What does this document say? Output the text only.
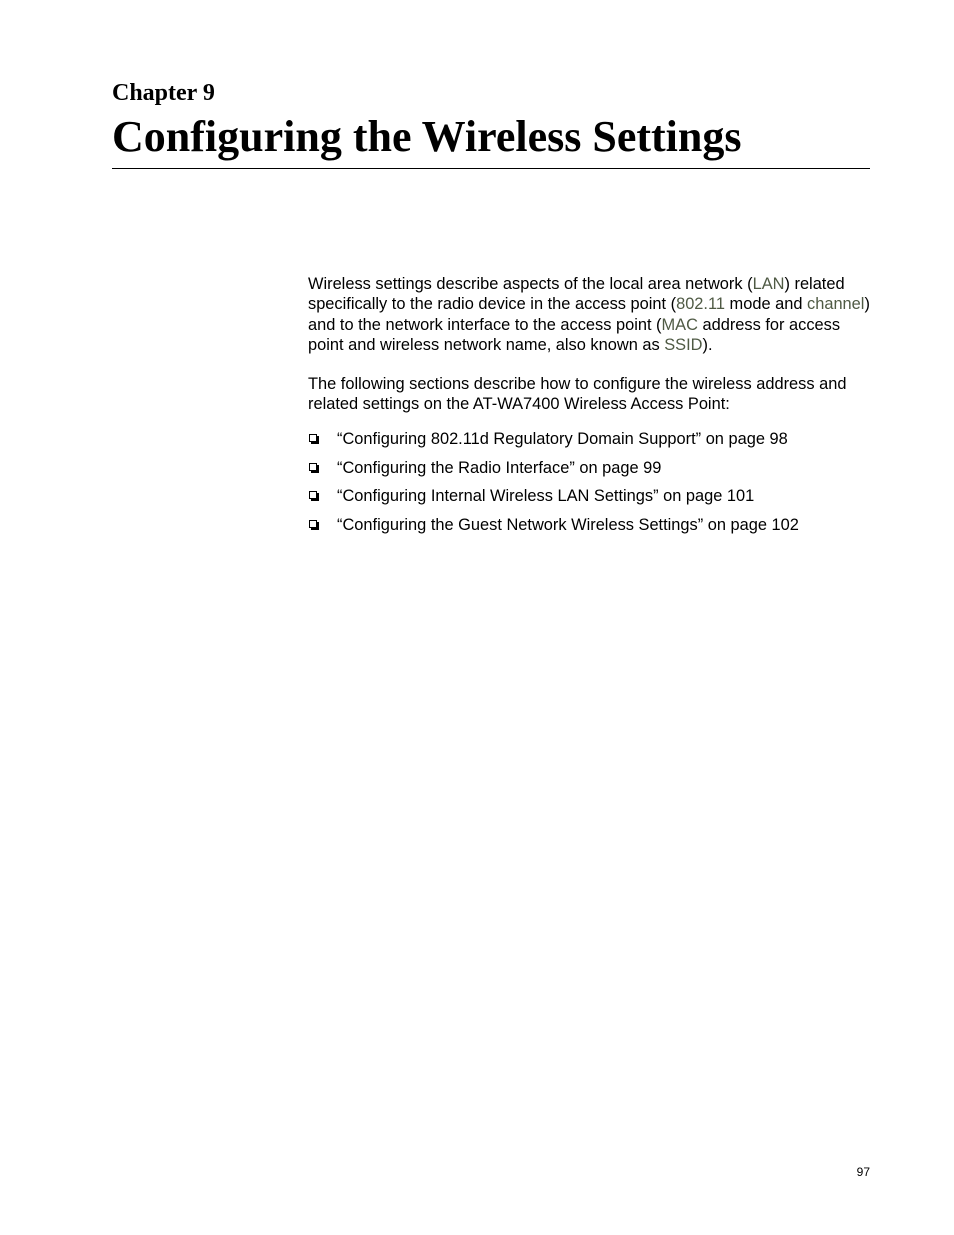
Chapter 9
Configuring the Wireless Settings

Wireless settings describe aspects of the local area network (LAN) related specifically to the radio device in the access point (802.11 mode and channel) and to the network interface to the access point (MAC address for access point and wireless network name, also known as SSID).

The following sections describe how to configure the wireless address and related settings on the AT-WA7400 Wireless Access Point:

“Configuring 802.11d Regulatory Domain Support” on page 98
“Configuring the Radio Interface” on page 99
“Configuring Internal Wireless LAN Settings” on page 101
“Configuring the Guest Network Wireless Settings” on page 102
97
